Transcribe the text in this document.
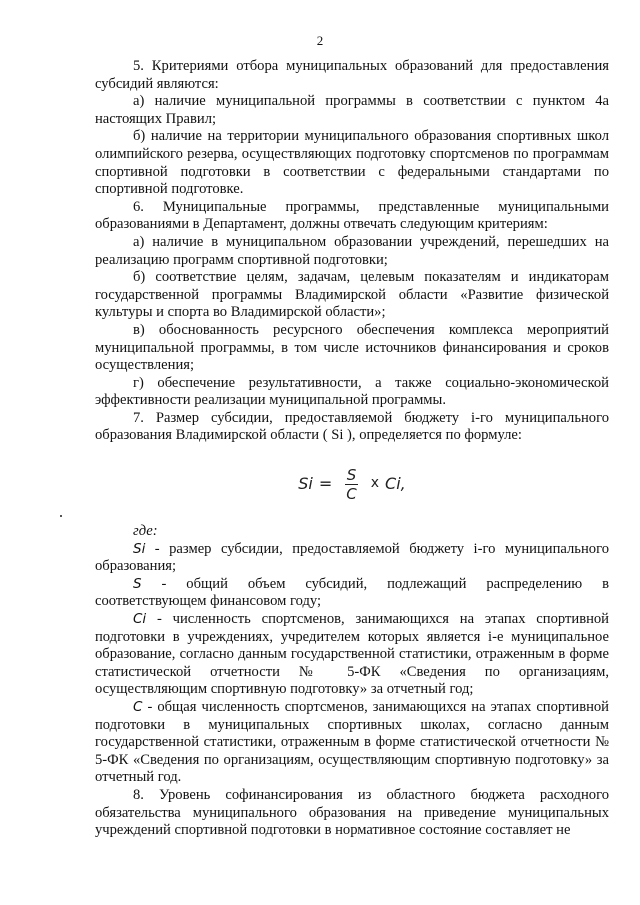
2

5. Критериями отбора муниципальных образований для предоставления субсидий являются:

а) наличие муниципальной программы в соответствии с пунктом 4а настоящих Правил;

б) наличие на территории муниципального образования спортивных школ олимпийского резерва, осуществляющих подготовку спортсменов по программам спортивной подготовки в соответствии с федеральными стандартами по спортивной подготовке.

6. Муниципальные программы, представленные муниципальными образованиями в Департамент, должны отвечать следующим критериям:

а) наличие в муниципальном образовании учреждений, перешедших на реализацию программ спортивной подготовки;

б) соответствие целям, задачам, целевым показателям и индикаторам государственной программы Владимирской области «Развитие физической культуры и спорта во Владимирской области»;

в) обоснованность ресурсного обеспечения комплекса мероприятий муниципальной программы, в том числе источников финансирования и сроков осуществления;

г) обеспечение результативности, а также социально-экономической эффективности реализации муниципальной программы.

7. Размер субсидии, предоставляемой бюджету i-го муниципального образования Владимирской области ( Si ), определяется по формуле:

$Si = \frac{S}{C}$ x Ci ,

где:

Si - размер субсидии, предоставляемой бюджету i-го муниципального образования;

S - общий объем субсидий, подлежащий распределению в соответствующем финансовом году;

Ci - численность спортсменов, занимающихся на этапах спортивной подготовки в учреждениях, учредителем которых является i-е муниципальное образование, согласно данным государственной статистики, отраженным в форме статистической отчетности № 5-ФК «Сведения по организациям, осуществляющим спортивную подготовку» за отчетный год;

C - общая численность спортсменов, занимающихся на этапах спортивной подготовки в муниципальных спортивных школах, согласно данным государственной статистики, отраженным в форме статистической отчетности № 5-ФК «Сведения по организациям, осуществляющим спортивную подготовку» за отчетный год.

8. Уровень софинансирования из областного бюджета расходного обязательства муниципального образования на приведение муниципальных учреждений спортивной подготовки в нормативное состояние составляет не
